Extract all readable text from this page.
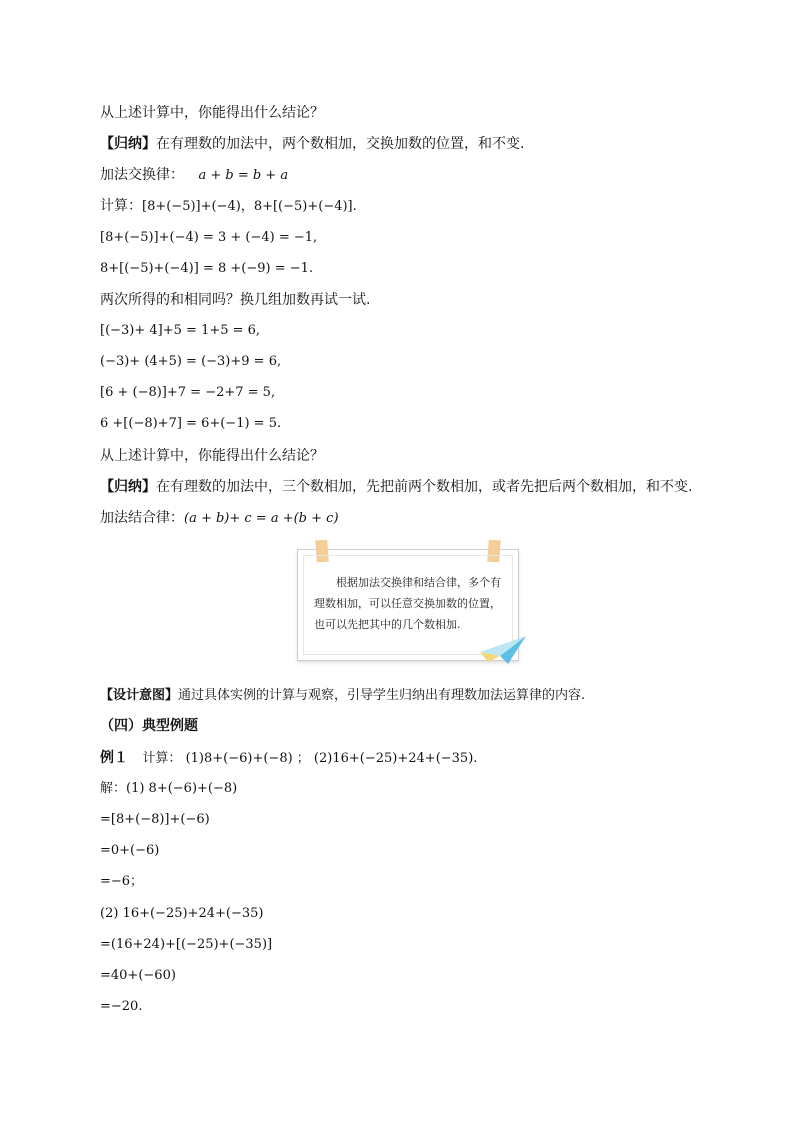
从上述计算中，你能得出什么结论？
【归纳】在有理数的加法中，两个数相加，交换加数的位置，和不变.
加法交换律： a + b = b + a
计算：[8+(−5)]+(−4)，8+[(−5)+(−4)].
[8+(−5)]+(−4) = 3 + (−4) = −1,
8+[(−5)+(−4)] = 8 +(−9) = −1.
两次所得的和相同吗？换几组加数再试一试.
[(−3)+ 4]+5 = 1+5 = 6,
(−3)+ (4+5) = (−3)+9 = 6,
[6 + (−8)]+7 = −2+7 = 5,
6 +[(−8)+7] = 6+(−1) = 5.
从上述计算中，你能得出什么结论？
【归纳】在有理数的加法中，三个数相加，先把前两个数相加，或者先把后两个数相加，和不变.
加法结合律：(a + b)+ c = a +(b + c)
根据加法交换律和结合律，多个有理数相加，可以任意交换加数的位置，也可以先把其中的几个数相加.
【设计意图】通过具体实例的计算与观察，引导学生归纳出有理数加法运算律的内容.
（四）典型例题
例１ 计算： (1)8+(−6)+(−8) ； (2)16+(−25)+24+(−35).
解：(1) 8+(−6)+(−8)
=[8+(−8)]+(−6)
=0+(−6)
=−6；
(2) 16+(−25)+24+(−35)
=(16+24)+[(−25)+(−35)]
=40+(−60)
=−20.
